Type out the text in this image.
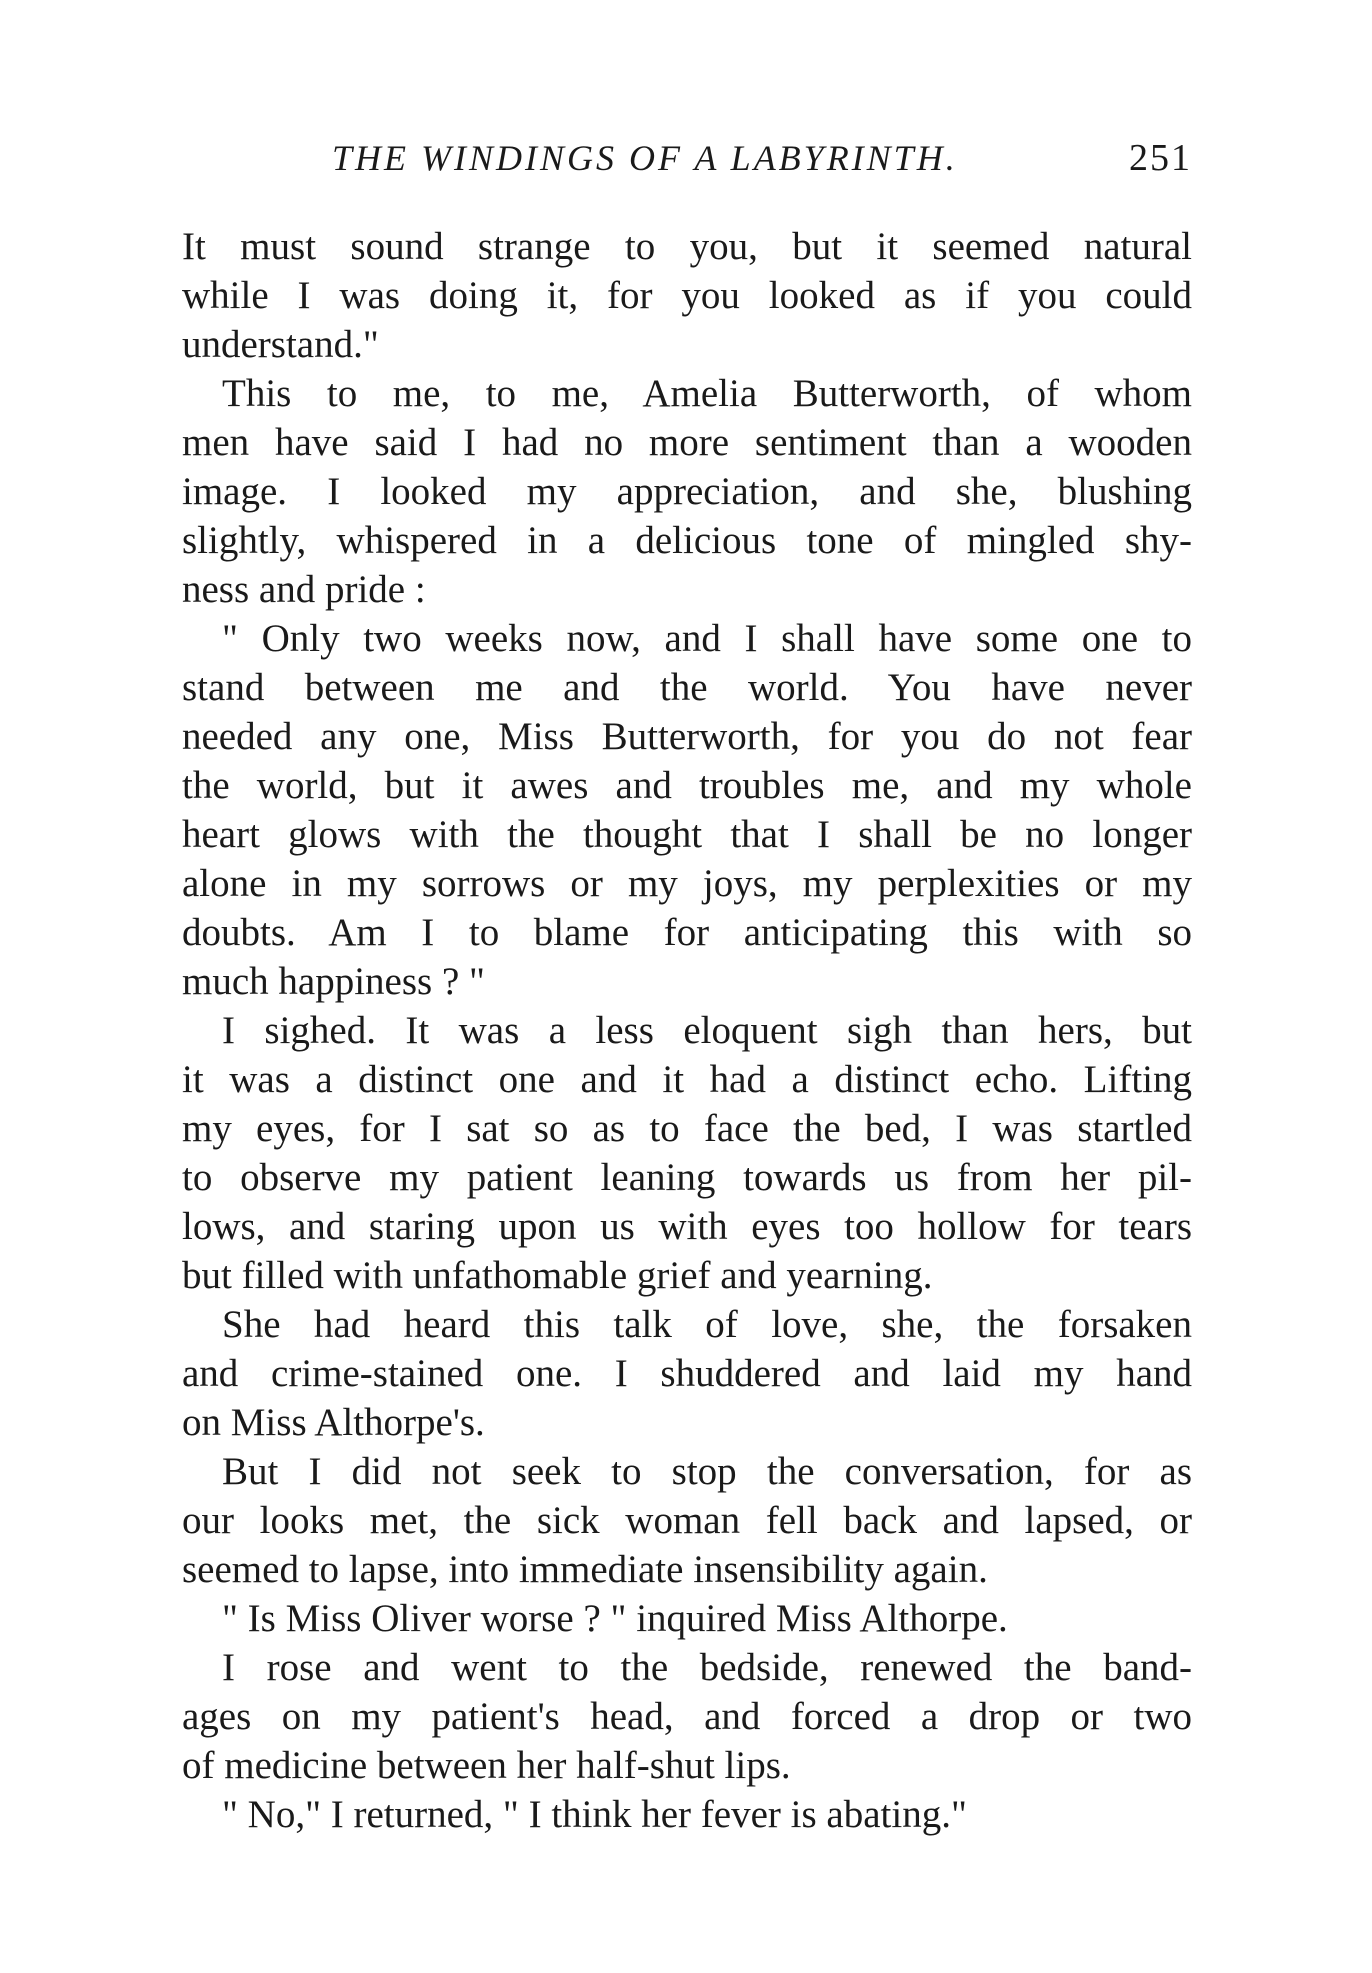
THE WINDINGS OF A LABYRINTH.	251
It must sound strange to you, but it seemed natural
while I was doing it, for you looked as if you could
understand."
This to me, to me, Amelia Butterworth, of whom
men have said I had no more sentiment than a wooden
image. I looked my appreciation, and she, blushing
slightly, whispered in a delicious tone of mingled shy-
ness and pride :
" Only two weeks now, and I shall have some one to
stand between me and the world. You have never
needed any one, Miss Butterworth, for you do not fear
the world, but it awes and troubles me, and my whole
heart glows with the thought that I shall be no longer
alone in my sorrows or my joys, my perplexities or my
doubts. Am I to blame for anticipating this with so
much happiness ? "
I sighed. It was a less eloquent sigh than hers, but
it was a distinct one and it had a distinct echo. Lifting
my eyes, for I sat so as to face the bed, I was startled
to observe my patient leaning towards us from her pil-
lows, and staring upon us with eyes too hollow for tears
but filled with unfathomable grief and yearning.
She had heard this talk of love, she, the forsaken
and crime-stained one. I shuddered and laid my hand
on Miss Althorpe's.
But I did not seek to stop the conversation, for as
our looks met, the sick woman fell back and lapsed, or
seemed to lapse, into immediate insensibility again.
" Is Miss Oliver worse ? " inquired Miss Althorpe.
I rose and went to the bedside, renewed the band-
ages on my patient's head, and forced a drop or two
of medicine between her half-shut lips.
" No," I returned, " I think her fever is abating."
